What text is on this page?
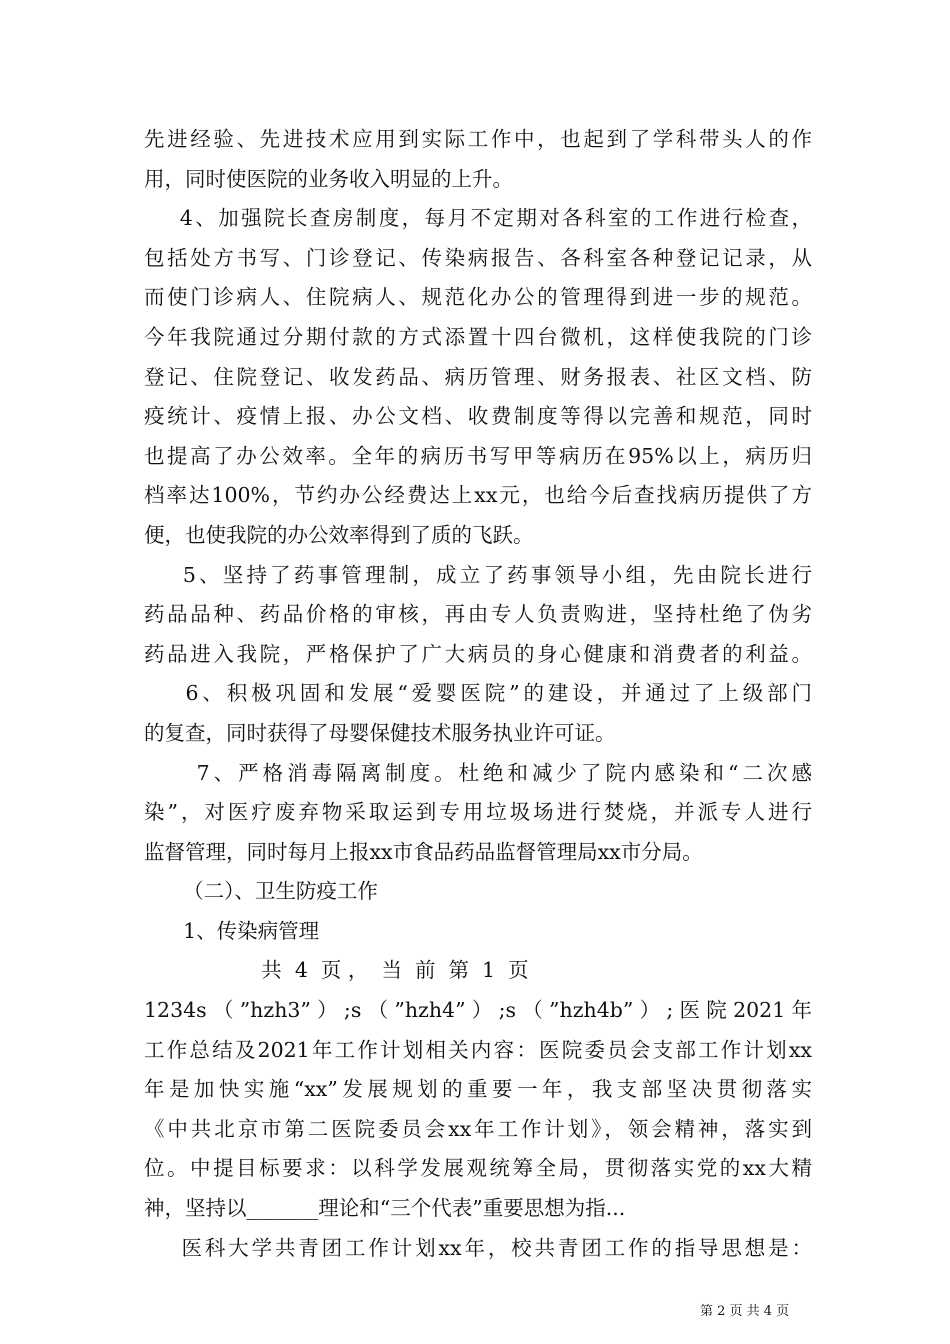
先进经验、先进技术应用到实际工作中，也起到了学科带头人的作
用，同时使医院的业务收入明显的上升。
4、加强院长查房制度，每月不定期对各科室的工作进行检查，
包括处方书写、门诊登记、传染病报告、各科室各种登记记录，从
而使门诊病人、住院病人、规范化办公的管理得到进一步的规范。
今年我院通过分期付款的方式添置十四台微机，这样使我院的门诊
登记、住院登记、收发药品、病历管理、财务报表、社区文档、防
疫统计、疫情上报、办公文档、收费制度等得以完善和规范，同时
也提高了办公效率。全年的病历书写甲等病历在95%以上，病历归
档率达100%，节约办公经费达上xx元，也给今后查找病历提供了方
便，也使我院的办公效率得到了质的飞跃。
5、坚持了药事管理制，成立了药事领导小组，先由院长进行
药品品种、药品价格的审核，再由专人负责购进，坚持杜绝了伪劣
药品进入我院，严格保护了广大病员的身心健康和消费者的利益。
6、积极巩固和发展“爱婴医院”的建设，并通过了上级部门
的复查，同时获得了母婴保健技术服务执业许可证。
7、严格消毒隔离制度。杜绝和减少了院内感染和“二次感
染”，对医疗废弃物采取运到专用垃圾场进行焚烧，并派专人进行
监督管理，同时每月上报xx市食品药品监督管理局xx市分局。
（二）、卫生防疫工作
1、传染病管理
共  4  页 ，  当  前  第  1  页
1234s（”hzh3”）;s（”hzh4”）;s（”hzh4b”）;医院2021年
工作总结及2021年工作计划相关内容：医院委员会支部工作计划xx
年是加快实施“xx”发展规划的重要一年，我支部坚决贯彻落实
《中共北京市第二医院委员会xx年工作计划》，领会精神，落实到
位。中提目标要求：以科学发展观统筹全局，贯彻落实党的xx大精
神，坚持以_______理论和“三个代表”重要思想为指...
医科大学共青团工作计划xx年，校共青团工作的指导思想是：
第 2 页 共 4 页
